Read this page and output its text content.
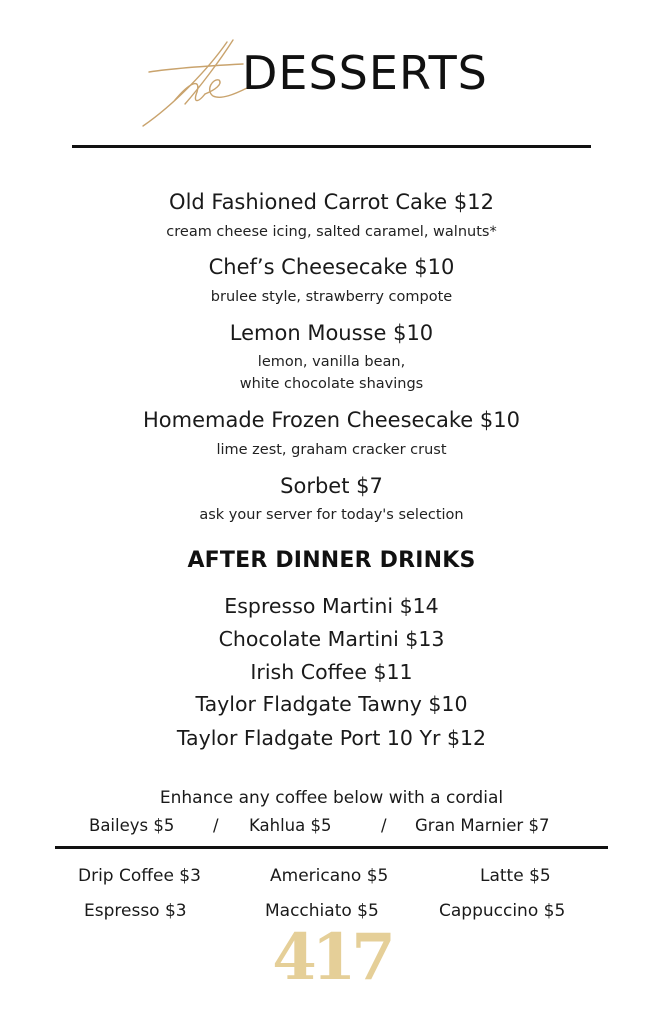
the
DESSERTS
Old Fashioned Carrot Cake $12
cream cheese icing, salted caramel, walnuts*
Chef’s Cheesecake $10
brulee style, strawberry compote
Lemon Mousse $10
lemon, vanilla bean,
white chocolate shavings
Homemade Frozen Cheesecake $10
lime zest, graham cracker crust
Sorbet $7
ask your server for today's selection
AFTER DINNER DRINKS
Espresso Martini $14
Chocolate Martini $13
Irish Coffee $11
Taylor Fladgate Tawny $10
Taylor Fladgate Port 10 Yr $12
Enhance any coffee below with a cordial
Baileys $5 / Kahlua $5	/ Gran Marnier $7
Drip Coffee $3	Americano $5	Latte $5
Espresso $3	Macchiato $5	Cappuccino $5
417
